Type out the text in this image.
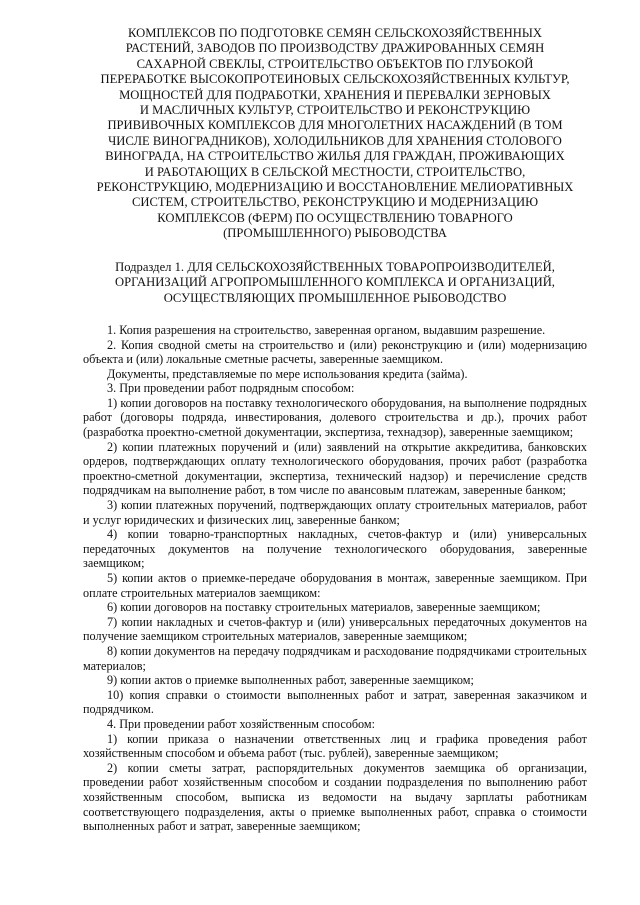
КОМПЛЕКСОВ ПО ПОДГОТОВКЕ СЕМЯН СЕЛЬСКОХОЗЯЙСТВЕННЫХ
РАСТЕНИЙ, ЗАВОДОВ ПО ПРОИЗВОДСТВУ ДРАЖИРОВАННЫХ СЕМЯН
САХАРНОЙ СВЕКЛЫ, СТРОИТЕЛЬСТВО ОБЪЕКТОВ ПО ГЛУБОКОЙ
ПЕРЕРАБОТКЕ ВЫСОКОПРОТЕИНОВЫХ СЕЛЬСКОХОЗЯЙСТВЕННЫХ КУЛЬТУР,
МОЩНОСТЕЙ ДЛЯ ПОДРАБОТКИ, ХРАНЕНИЯ И ПЕРЕВАЛКИ ЗЕРНОВЫХ
И МАСЛИЧНЫХ КУЛЬТУР, СТРОИТЕЛЬСТВО И РЕКОНСТРУКЦИЮ
ПРИВИВОЧНЫХ КОМПЛЕКСОВ ДЛЯ МНОГОЛЕТНИХ НАСАЖДЕНИЙ (В ТОМ
ЧИСЛЕ ВИНОГРАДНИКОВ), ХОЛОДИЛЬНИКОВ ДЛЯ ХРАНЕНИЯ СТОЛОВОГО
ВИНОГРАДА, НА СТРОИТЕЛЬСТВО ЖИЛЬЯ ДЛЯ ГРАЖДАН, ПРОЖИВАЮЩИХ
И РАБОТАЮЩИХ В СЕЛЬСКОЙ МЕСТНОСТИ, СТРОИТЕЛЬСТВО,
РЕКОНСТРУКЦИЮ, МОДЕРНИЗАЦИЮ И ВОССТАНОВЛЕНИЕ МЕЛИОРАТИВНЫХ
СИСТЕМ, СТРОИТЕЛЬСТВО, РЕКОНСТРУКЦИЮ И МОДЕРНИЗАЦИЮ
КОМПЛЕКСОВ (ФЕРМ) ПО ОСУЩЕСТВЛЕНИЮ ТОВАРНОГО
(ПРОМЫШЛЕННОГО) РЫБОВОДСТВА
Подраздел 1. ДЛЯ СЕЛЬСКОХОЗЯЙСТВЕННЫХ ТОВАРОПРОИЗВОДИТЕЛЕЙ,
ОРГАНИЗАЦИЙ АГРОПРОМЫШЛЕННОГО КОМПЛЕКСА И ОРГАНИЗАЦИЙ,
ОСУЩЕСТВЛЯЮЩИХ ПРОМЫШЛЕННОЕ РЫБОВОДСТВО

1. Копия разрешения на строительство, заверенная органом, выдавшим разрешение.

2. Копия сводной сметы на строительство и (или) реконструкцию и (или) модернизацию объекта и (или) локальные сметные расчеты, заверенные заемщиком.

Документы, представляемые по мере использования кредита (займа).

3. При проведении работ подрядным способом:

1) копии договоров на поставку технологического оборудования, на выполнение подрядных работ (договоры подряда, инвестирования, долевого строительства и др.), прочих работ (разработка проектно-сметной документации, экспертиза, технадзор), заверенные заемщиком;

2) копии платежных поручений и (или) заявлений на открытие аккредитива, банковских ордеров, подтверждающих оплату технологического оборудования, прочих работ (разработка проектно-сметной документации, экспертиза, технический надзор) и перечисление средств подрядчикам на выполнение работ, в том числе по авансовым платежам, заверенные банком;

3) копии платежных поручений, подтверждающих оплату строительных материалов, работ и услуг юридических и физических лиц, заверенные банком;

4) копии товарно-транспортных накладных, счетов-фактур и (или) универсальных передаточных документов на получение технологического оборудования, заверенные заемщиком;

5) копии актов о приемке-передаче оборудования в монтаж, заверенные заемщиком. При оплате строительных материалов заемщиком:

6) копии договоров на поставку строительных материалов, заверенные заемщиком;

7) копии накладных и счетов-фактур и (или) универсальных передаточных документов на получение заемщиком строительных материалов, заверенные заемщиком;

8) копии документов на передачу подрядчикам и расходование подрядчиками строительных материалов;

9) копии актов о приемке выполненных работ, заверенные заемщиком;

10) копия справки о стоимости выполненных работ и затрат, заверенная заказчиком и подрядчиком.

4. При проведении работ хозяйственным способом:

1) копии приказа о назначении ответственных лиц и графика проведения работ хозяйственным способом и объема работ (тыс. рублей), заверенные заемщиком;

2) копии сметы затрат, распорядительных документов заемщика об организации, проведении работ хозяйственным способом и создании подразделения по выполнению работ хозяйственным способом, выписка из ведомости на выдачу зарплаты работникам соответствующего подразделения, акты о приемке выполненных работ, справка о стоимости выполненных работ и затрат, заверенные заемщиком;
